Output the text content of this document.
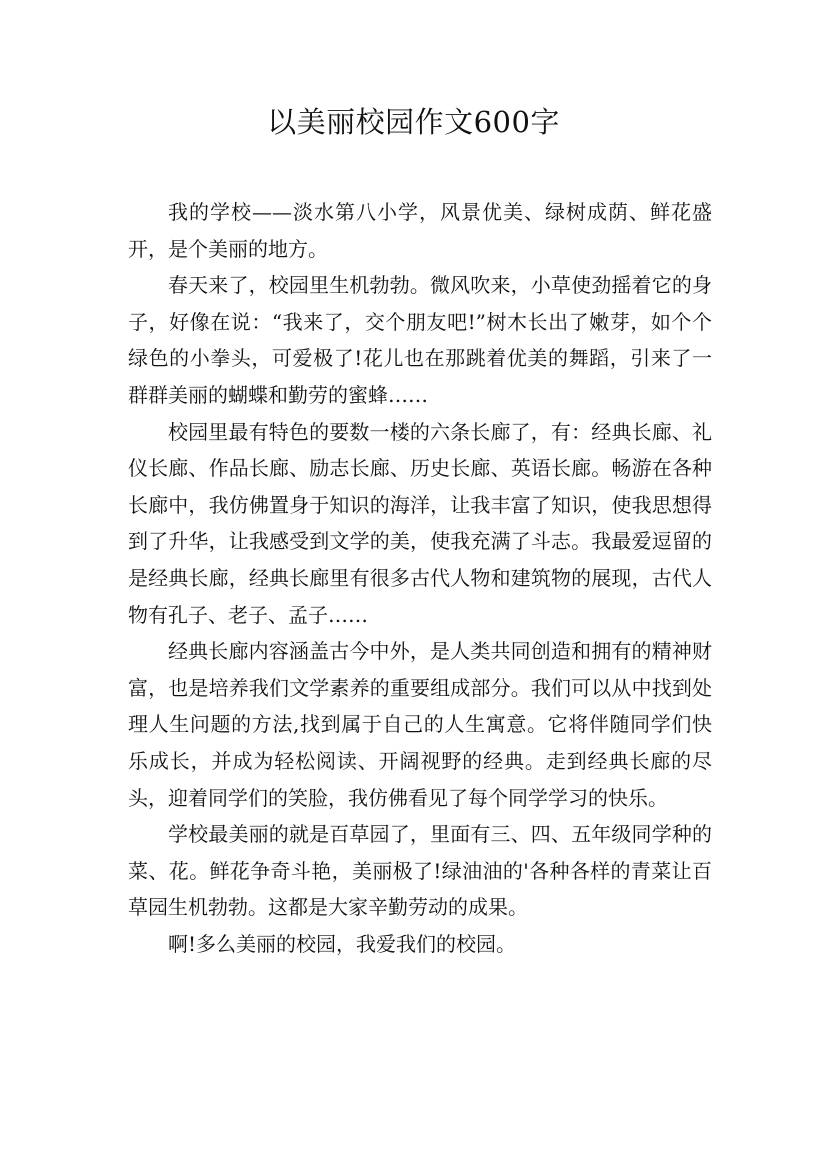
以美丽校园作文600字

我的学校——淡水第八小学，风景优美、绿树成荫、鲜花盛开，是个美丽的地方。

春天来了，校园里生机勃勃。微风吹来，小草使劲摇着它的身子，好像在说：“我来了，交个朋友吧!”树木长出了嫩芽，如个个绿色的小拳头，可爱极了!花儿也在那跳着优美的舞蹈，引来了一群群美丽的蝴蝶和勤劳的蜜蜂……

校园里最有特色的要数一楼的六条长廊了，有：经典长廊、礼仪长廊、作品长廊、励志长廊、历史长廊、英语长廊。畅游在各种长廊中，我仿佛置身于知识的海洋，让我丰富了知识，使我思想得到了升华，让我感受到文学的美，使我充满了斗志。我最爱逗留的是经典长廊，经典长廊里有很多古代人物和建筑物的展现，古代人物有孔子、老子、孟子……

经典长廊内容涵盖古今中外，是人类共同创造和拥有的精神财富，也是培养我们文学素养的重要组成部分。我们可以从中找到处理人生问题的方法,找到属于自己的人生寓意。它将伴随同学们快乐成长，并成为轻松阅读、开阔视野的经典。走到经典长廊的尽头，迎着同学们的笑脸，我仿佛看见了每个同学学习的快乐。

学校最美丽的就是百草园了，里面有三、四、五年级同学种的菜、花。鲜花争奇斗艳，美丽极了!绿油油的'各种各样的青菜让百草园生机勃勃。这都是大家辛勤劳动的成果。

啊!多么美丽的校园，我爱我们的校园。
